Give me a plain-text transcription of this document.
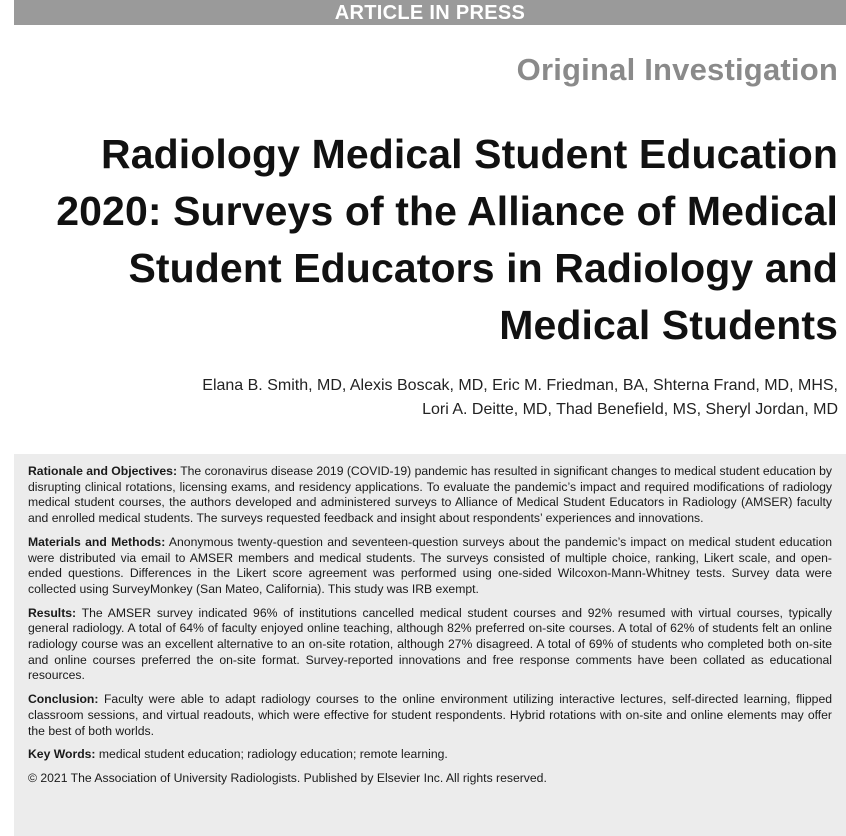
ARTICLE IN PRESS
Original Investigation
Radiology Medical Student Education 2020: Surveys of the Alliance of Medical Student Educators in Radiology and Medical Students
Elana B. Smith, MD, Alexis Boscak, MD, Eric M. Friedman, BA, Shterna Frand, MD, MHS,
Lori A. Deitte, MD, Thad Benefield, MS, Sheryl Jordan, MD

Rationale and Objectives: The coronavirus disease 2019 (COVID-19) pandemic has resulted in significant changes to medical student education by disrupting clinical rotations, licensing exams, and residency applications. To evaluate the pandemic’s impact and required modifications of radiology medical student courses, the authors developed and administered surveys to Alliance of Medical Student Educators in Radiology (AMSER) faculty and enrolled medical students. The surveys requested feedback and insight about respondents’ experiences and innovations.

Materials and Methods: Anonymous twenty-question and seventeen-question surveys about the pandemic’s impact on medical student education were distributed via email to AMSER members and medical students. The surveys consisted of multiple choice, ranking, Likert scale, and open-ended questions. Differences in the Likert score agreement was performed using one-sided Wilcoxon-Mann-Whitney tests. Survey data were collected using SurveyMonkey (San Mateo, California). This study was IRB exempt.

Results: The AMSER survey indicated 96% of institutions cancelled medical student courses and 92% resumed with virtual courses, typically general radiology. A total of 64% of faculty enjoyed online teaching, although 82% preferred on-site courses. A total of 62% of students felt an online radiology course was an excellent alternative to an on-site rotation, although 27% disagreed. A total of 69% of students who completed both on-site and online courses preferred the on-site format. Survey-reported innovations and free response comments have been collated as educational resources.

Conclusion: Faculty were able to adapt radiology courses to the online environment utilizing interactive lectures, self-directed learning, flipped classroom sessions, and virtual readouts, which were effective for student respondents. Hybrid rotations with on-site and online elements may offer the best of both worlds.

Key Words: medical student education; radiology education; remote learning.

© 2021 The Association of University Radiologists. Published by Elsevier Inc. All rights reserved.
